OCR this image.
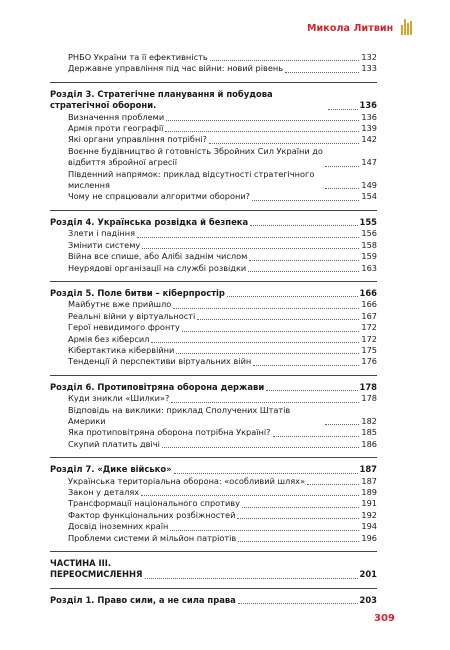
Микола Литвин
РНБО України та її ефективність	132
Державне управління під час війни: новий рівень	133
Розділ 3. Стратегічне планування й побудова стратегічної оборони.	136
Визначення проблеми	136
Армія проти географії	139
Які органи управління потрібні?	142
Воєнне будівництво й готовність Збройних Сил України до відбиття збройної агресії	147
Південний напрямок: приклад відсутності стратегічного мислення	149
Чому не спрацювали алгоритми оборони?	154
Розділ 4. Українська розвідка й безпека	155
Злети і падіння	156
Змінити систему	158
Війна все спише, або Алібі заднім числом	159
Неурядові організації на службі розвідки	163
Розділ 5. Поле битви – кіберпростір	166
Майбутнє вже прийшло	166
Реальні війни у віртуальності	167
Герої невидимого фронту	172
Армія без кіберсил	172
Кібертактика кібервійни	175
Тенденції й перспективи віртуальних війн	176
Розділ 6. Протиповітряна оборона держави	178
Куди зникли «Шилки»?	178
Відповідь на виклики: приклад Сполучених Штатів Америки	182
Яка протиповітряна оборона потрібна Україні?	185
Скупий платить двічі	186
Розділ 7. «Дике військо»	187
Українська територіальна оборона: «особливий шлях»	187
Закон у деталях	189
Трансформації національного спротиву	191
Фактор функціональних розбіжностей	192
Досвід іноземних країн	194
Проблеми системи й мільйон патріотів	196
ЧАСТИНА III.
ПЕРЕОСМИСЛЕННЯ	201
Розділ 1. Право сили, а не сила права	203
309
